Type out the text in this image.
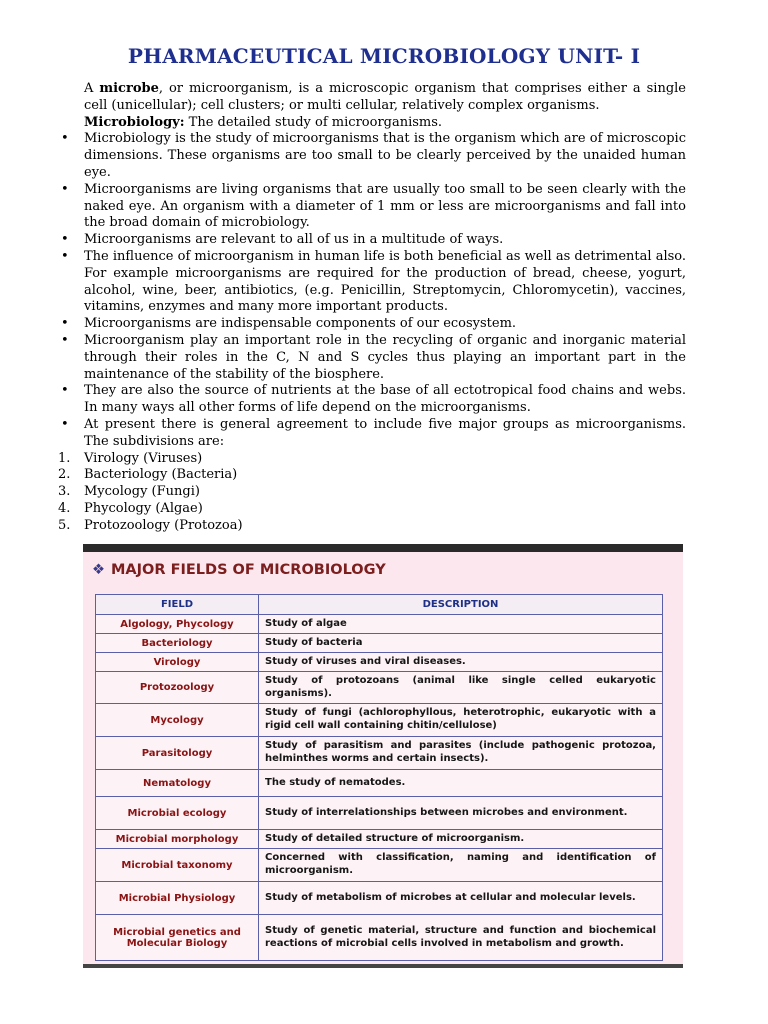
PHARMACEUTICAL MICROBIOLOGY UNIT- I
A microbe, or microorganism, is a microscopic organism that comprises either a single cell (unicellular); cell clusters; or multi cellular, relatively complex organisms.
Microbiology: The detailed study of microorganisms.
• Microbiology is the study of microorganisms that is the organism which are of microscopic dimensions. These organisms are too small to be clearly perceived by the unaided human eye.
• Microorganisms are living organisms that are usually too small to be seen clearly with the naked eye. An organism with a diameter of 1 mm or less are microorganisms and fall into the broad domain of microbiology.
• Microorganisms are relevant to all of us in a multitude of ways.
• The influence of microorganism in human life is both beneficial as well as detrimental also. For example microorganisms are required for the production of bread, cheese, yogurt, alcohol, wine, beer, antibiotics, (e.g. Penicillin, Streptomycin, Chloromycetin), vaccines, vitamins, enzymes and many more important products.
• Microorganisms are indispensable components of our ecosystem.
• Microorganism play an important role in the recycling of organic and inorganic material through their roles in the C, N and S cycles thus playing an important part in the maintenance of the stability of the biosphere.
• They are also the source of nutrients at the base of all ectotropical food chains and webs. In many ways all other forms of life depend on the microorganisms.
• At present there is general agreement to include five major groups as microorganisms. The subdivisions are:
1. Virology (Viruses)
2. Bacteriology (Bacteria)
3. Mycology (Fungi)
4. Phycology (Algae)
5. Protozoology (Protozoa)
❖ MAJOR FIELDS OF MICROBIOLOGY
FIELD	DESCRIPTION
Algology, Phycology	Study of algae
Bacteriology	Study of bacteria
Virology	Study of viruses and viral diseases.
Protozoology	Study of protozoans (animal like single celled eukaryotic organisms).
Mycology	Study of fungi (achlorophyllous, heterotrophic, eukaryotic with a rigid cell wall containing chitin/cellulose)
Parasitology	Study of parasitism and parasites (include pathogenic protozoa, helminthes worms and certain insects).
Nematology	The study of nematodes.
Microbial ecology	Study of interrelationships between microbes and environment.
Microbial morphology	Study of detailed structure of microorganism.
Microbial taxonomy	Concerned with classification, naming and identification of microorganism.
Microbial Physiology	Study of metabolism of microbes at cellular and molecular levels.
Microbial genetics and Molecular Biology	Study of genetic material, structure and function and biochemical reactions of microbial cells involved in metabolism and growth.
